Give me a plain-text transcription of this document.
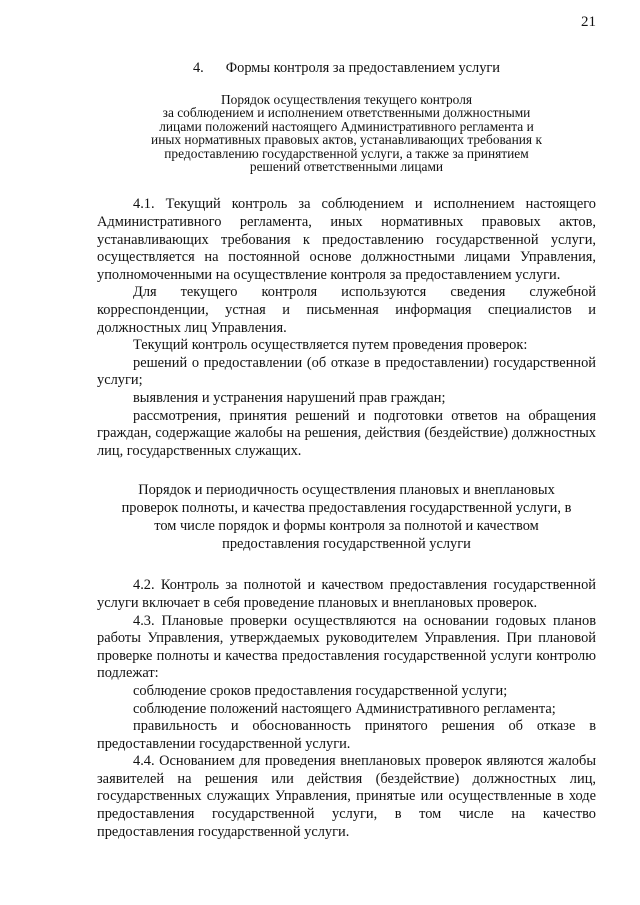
21
4. Формы контроля за предоставлением услуги
Порядок осуществления текущего контроля
за соблюдением и исполнением ответственными должностными
лицами положений настоящего Административного регламента и
иных нормативных правовых актов, устанавливающих требования к
предоставлению государственной услуги, а также за принятием
решений ответственными лицами

4.1. Текущий контроль за соблюдением и исполнением настоящего Административного регламента, иных нормативных правовых актов, устанавливающих требования к предоставлению государственной услуги, осуществляется на постоянной основе должностными лицами Управления, уполномоченными на осуществление контроля за предоставлением услуги.

Для текущего контроля используются сведения служебной корреспонденции, устная и письменная информация специалистов и должностных лиц Управления.

Текущий контроль осуществляется путем проведения проверок:

решений о предоставлении (об отказе в предоставлении) государственной услуги;

выявления и устранения нарушений прав граждан;

рассмотрения, принятия решений и подготовки ответов на обращения граждан, содержащие жалобы на решения, действия (бездействие) должностных лиц, государственных служащих.

Порядок и периодичность осуществления плановых и внеплановых
проверок полноты, и качества предоставления государственной услуги, в
том числе порядок и формы контроля за полнотой и качеством
предоставления государственной услуги

4.2. Контроль за полнотой и качеством предоставления государственной услуги включает в себя проведение плановых и внеплановых проверок.

4.3. Плановые проверки осуществляются на основании годовых планов работы Управления, утверждаемых руководителем Управления. При плановой проверке полноты и качества предоставления государственной услуги контролю подлежат:

соблюдение сроков предоставления государственной услуги;

соблюдение положений настоящего Административного регламента;

правильность и обоснованность принятого решения об отказе в предоставлении государственной услуги.

4.4. Основанием для проведения внеплановых проверок являются жалобы заявителей на решения или действия (бездействие) должностных лиц, государственных служащих Управления, принятые или осуществленные в ходе предоставления государственной услуги, в том числе на качество предоставления государственной услуги.
